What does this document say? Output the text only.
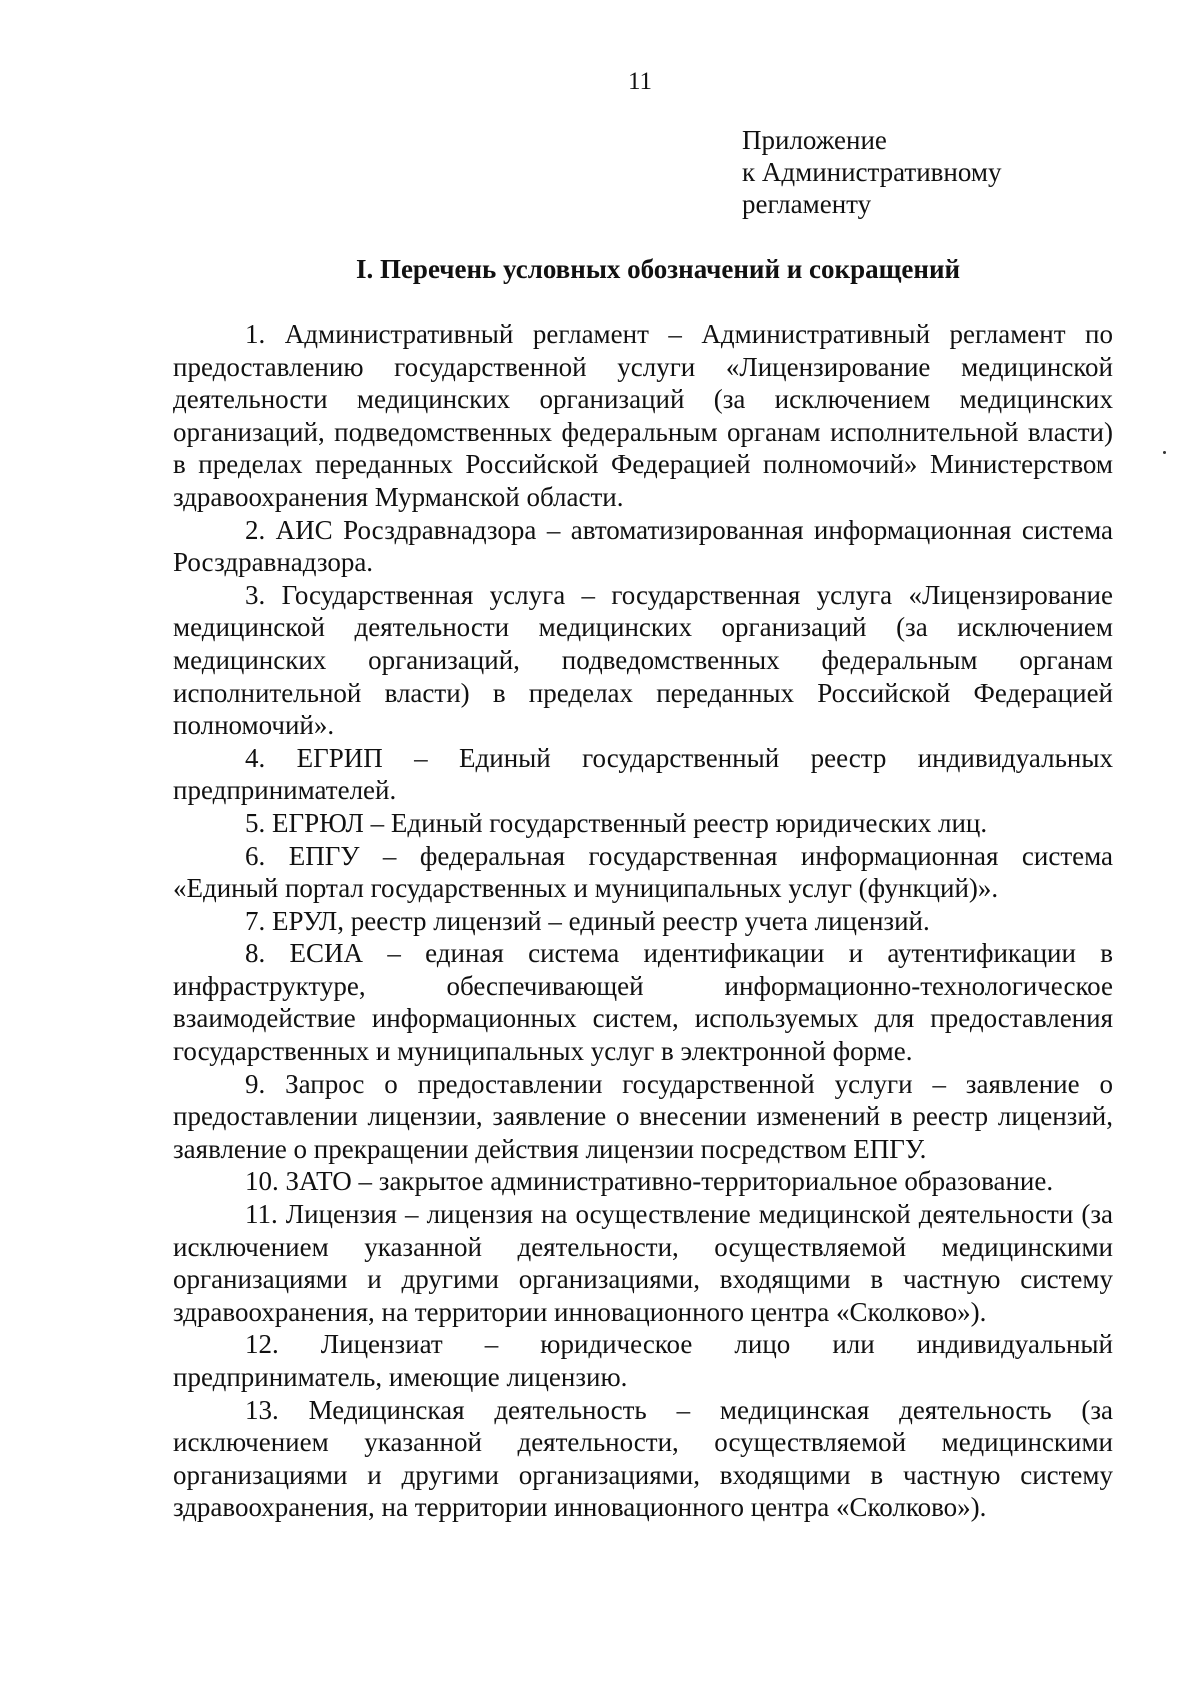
11
Приложение
к Административному
регламенту
I. Перечень условных обозначений и сокращений

1. Административный регламент – Административный регламент по предоставлению государственной услуги «Лицензирование медицинской деятельности медицинских организаций (за исключением медицинских организаций, подведомственных федеральным органам исполнительной власти) в пределах переданных Российской Федерацией полномочий» Министерством здравоохранения Мурманской области.

2. АИС Росздравнадзора – автоматизированная информационная система Росздравнадзора.

3. Государственная услуга – государственная услуга «Лицензирование медицинской деятельности медицинских организаций (за исключением медицинских организаций, подведомственных федеральным органам исполнительной власти) в пределах переданных Российской Федерацией полномочий».

4. ЕГРИП – Единый государственный реестр индивидуальных предпринимателей.

5. ЕГРЮЛ – Единый государственный реестр юридических лиц.

6. ЕПГУ – федеральная государственная информационная система «Единый портал государственных и муниципальных услуг (функций)».

7. ЕРУЛ, реестр лицензий – единый реестр учета лицензий.

8. ЕСИА – единая система идентификации и аутентификации в инфраструктуре, обеспечивающей информационно-технологическое взаимодействие информационных систем, используемых для предоставления государственных и муниципальных услуг в электронной форме.

9. Запрос о предоставлении государственной услуги – заявление о предоставлении лицензии, заявление о внесении изменений в реестр лицензий, заявление о прекращении действия лицензии посредством ЕПГУ.

10. ЗАТО – закрытое административно-территориальное образование.

11. Лицензия – лицензия на осуществление медицинской деятельности (за исключением указанной деятельности, осуществляемой медицинскими организациями и другими организациями, входящими в частную систему здравоохранения, на территории инновационного центра «Сколково»).

12. Лицензиат – юридическое лицо или индивидуальный предприниматель, имеющие лицензию.

13. Медицинская деятельность – медицинская деятельность (за исключением указанной деятельности, осуществляемой медицинскими организациями и другими организациями, входящими в частную систему здравоохранения, на территории инновационного центра «Сколково»).
